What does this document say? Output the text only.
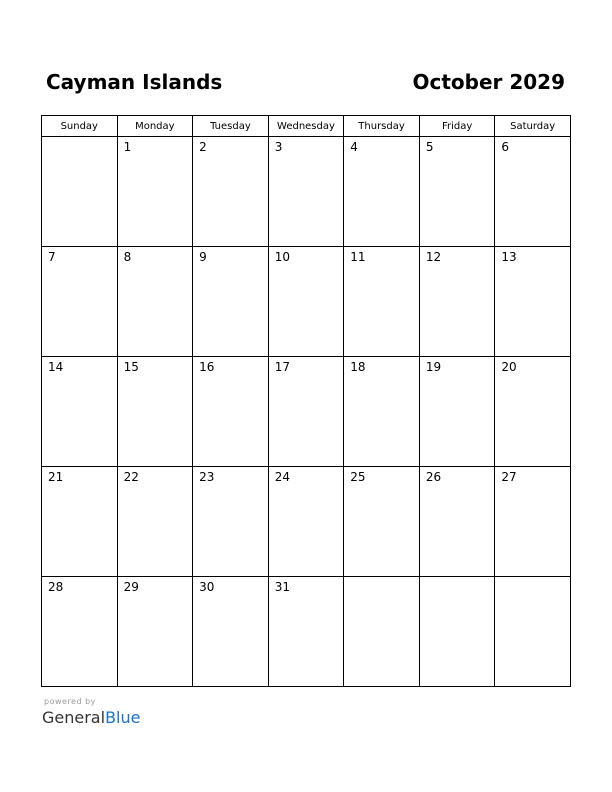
Cayman Islands	October 2029
Sunday	Monday	Tuesday	Wednesday	Thursday	Friday	Saturday

	1	2	3	4	5	6

7	8	9	10	11	12	13

14	15	16	17	18	19	20

21	22	23	24	25	26	27

28	29	30	31			

powered by
GeneralBlue
